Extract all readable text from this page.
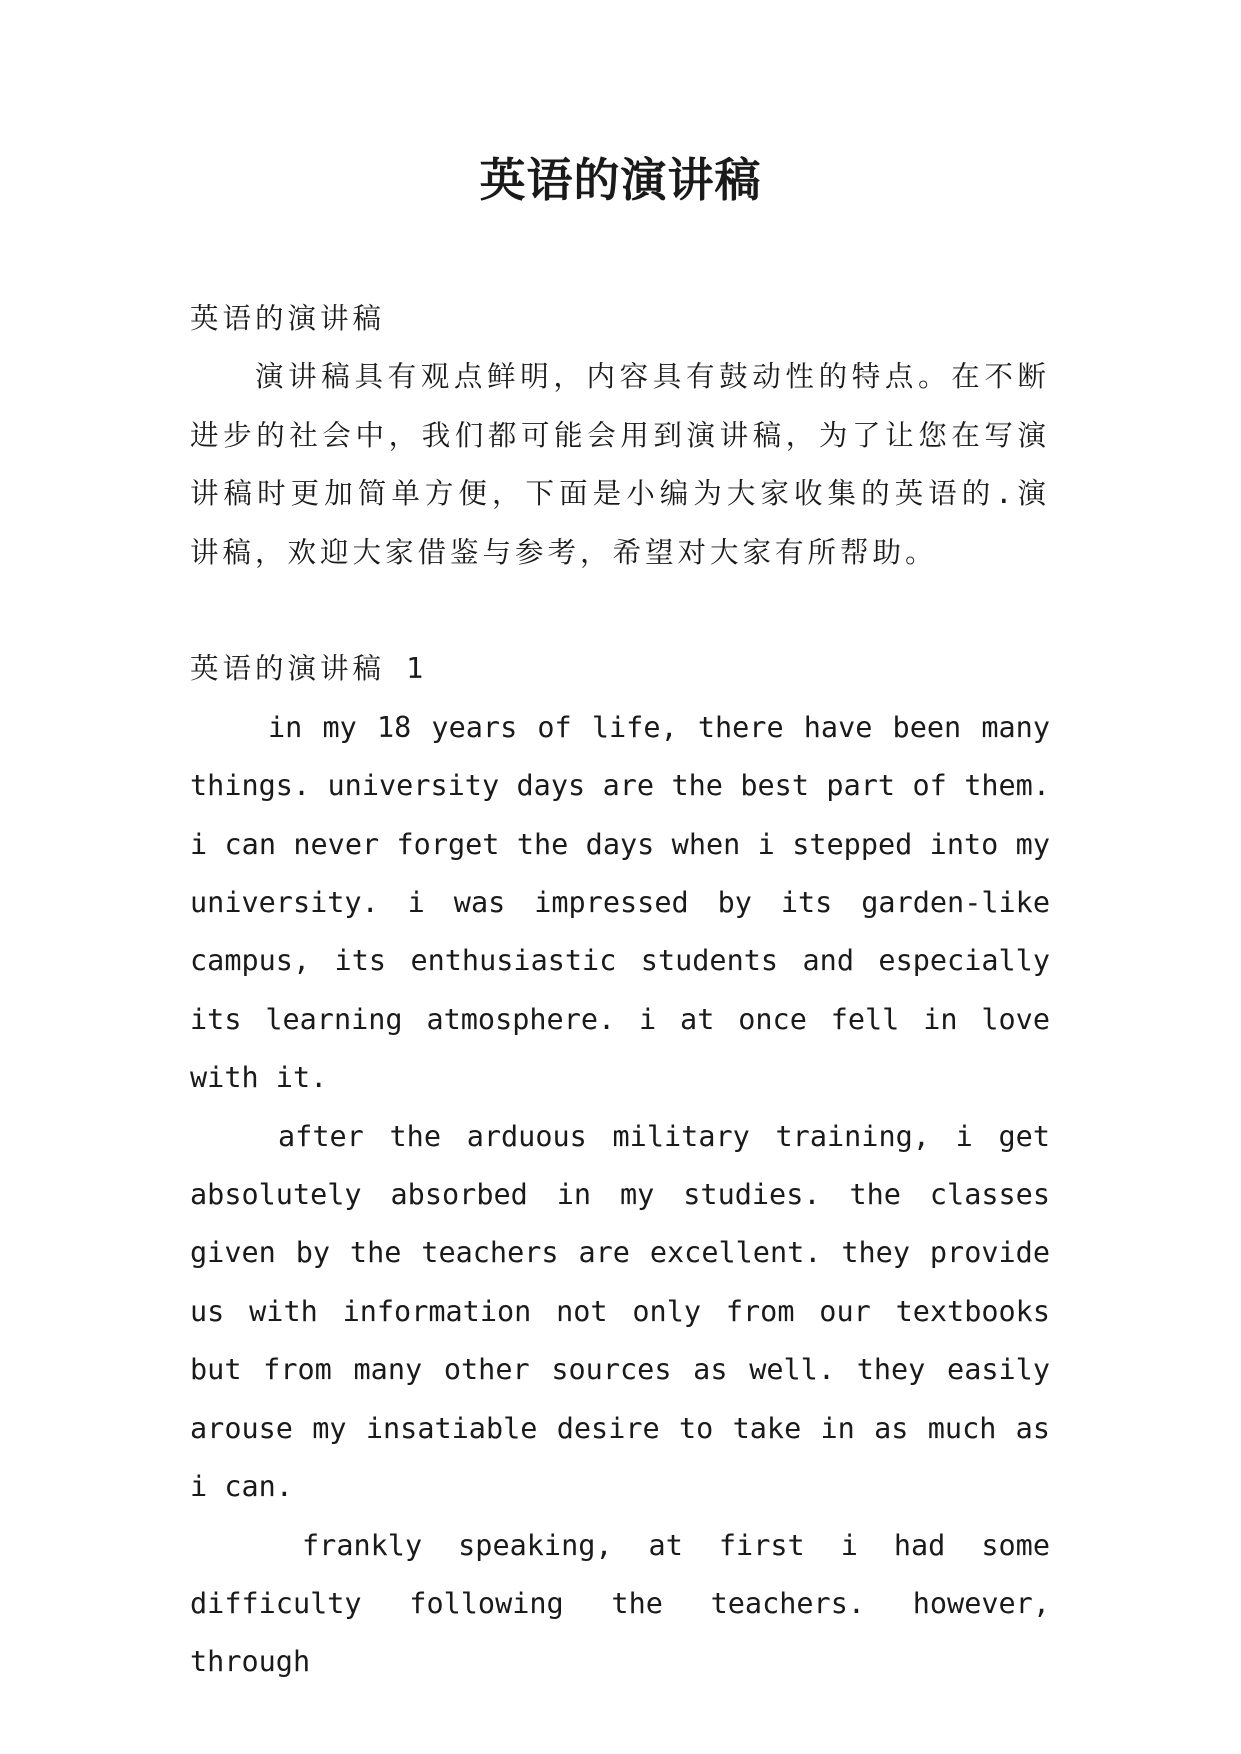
英语的演讲稿

英语的演讲稿

演讲稿具有观点鲜明，内容具有鼓动性的特点。在不断进步的社会中，我们都可能会用到演讲稿，为了让您在写演讲稿时更加简单方便，下面是小编为大家收集的英语的.演讲稿，欢迎大家借鉴与参考，希望对大家有所帮助。

英语的演讲稿 1

in my 18 years of life, there have been many things. university days are the best part of them. i can never forget the days when i stepped into my university. i was impressed by its garden-like campus, its enthusiastic students and especially its learning atmosphere. i at once fell in love with it.

after the arduous military training, i get absolutely absorbed in my studies. the classes given by the teachers are excellent. they provide us with information not only from our textbooks but from many other sources as well. they easily arouse my insatiable desire to take in as much as i can.

frankly speaking, at first i had some difficulty following the teachers. however, through
